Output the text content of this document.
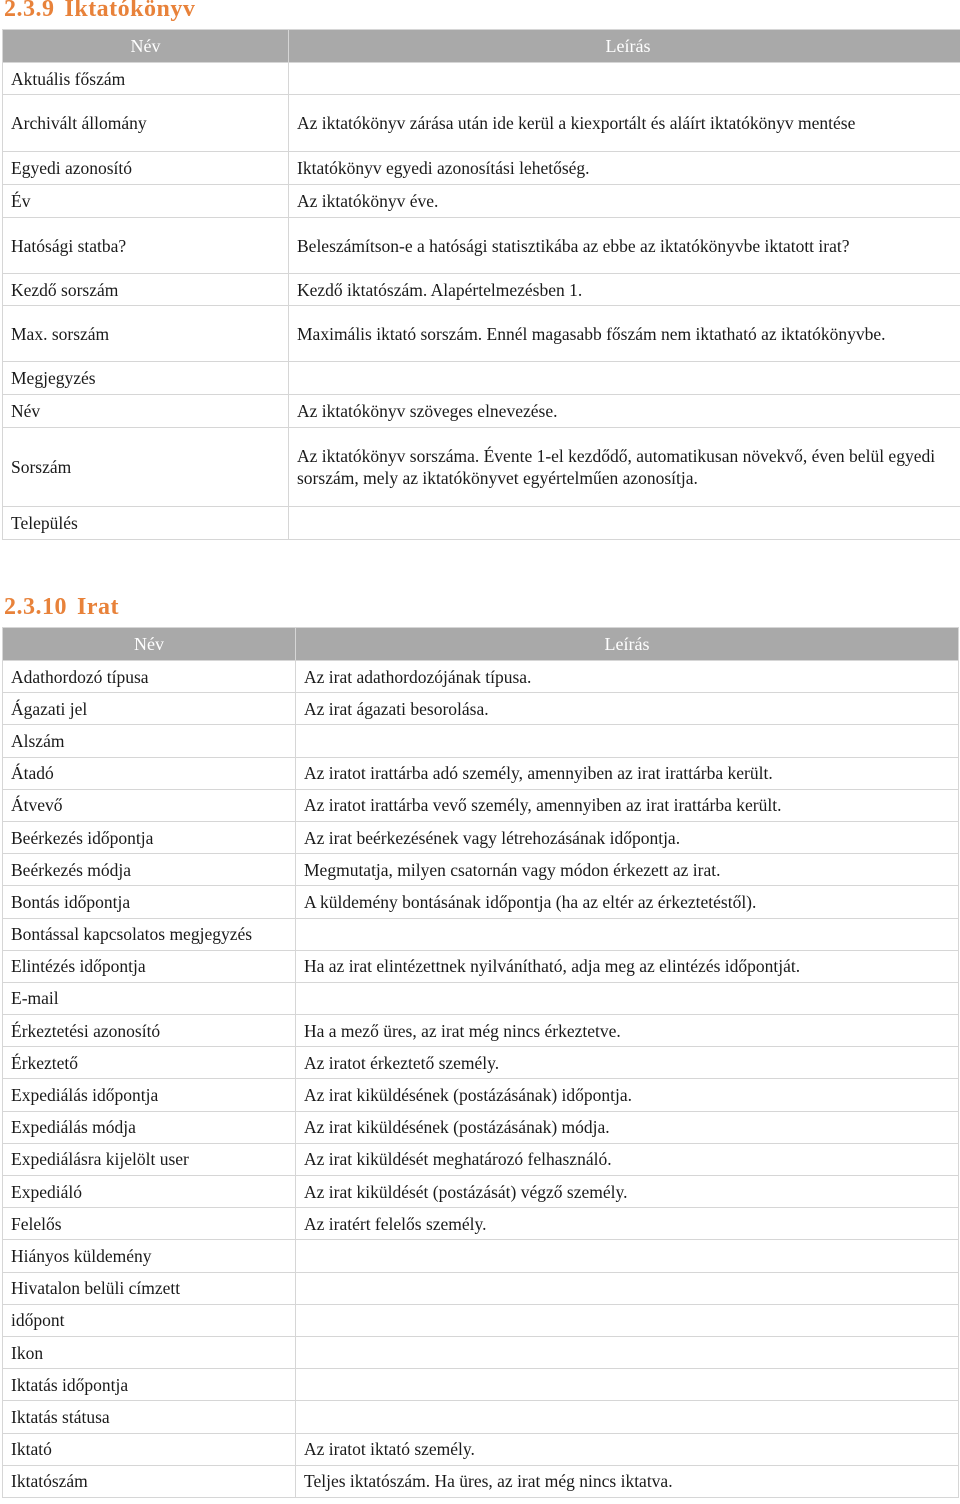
2.3.9 Iktatókönyv
Név	Leírás
Aktuális főszám	
Archivált állomány	Az iktatókönyv zárása után ide kerül a kiexportált és aláírt iktatókönyv mentése
Egyedi azonosító	Iktatókönyv egyedi azonosítási lehetőség.
Év	Az iktatókönyv éve.
Hatósági statba?	Beleszámítson-e a hatósági statisztikába az ebbe az iktatókönyvbe iktatott irat?
Kezdő sorszám	Kezdő iktatószám. Alapértelmezésben 1.
Max. sorszám	Maximális iktató sorszám. Ennél magasabb főszám nem iktatható az iktatókönyvbe.
Megjegyzés	
Név	Az iktatókönyv szöveges elnevezése.
Sorszám	Az iktatókönyv sorszáma. Évente 1-el kezdődő, automatikusan növekvő, éven belül egyedi sorszám, mely az iktatókönyvet egyértelműen azonosítja.
Település	
2.3.10 Irat
Név	Leírás
Adathordozó típusa	Az irat adathordozójának típusa.
Ágazati jel	Az irat ágazati besorolása.
Alszám	
Átadó	Az iratot irattárba adó személy, amennyiben az irat irattárba került.
Átvevő	Az iratot irattárba vevő személy, amennyiben az irat irattárba került.
Beérkezés időpontja	Az irat beérkezésének vagy létrehozásának időpontja.
Beérkezés módja	Megmutatja, milyen csatornán vagy módon érkezett az irat.
Bontás időpontja	A küldemény bontásának időpontja (ha az eltér az érkeztetéstől).
Bontással kapcsolatos megjegyzés	
Elintézés időpontja	Ha az irat elintézettnek nyilvánítható, adja meg az elintézés időpontját.
E-mail	
Érkeztetési azonosító	Ha a mező üres, az irat még nincs érkeztetve.
Érkeztető	Az iratot érkeztető személy.
Expediálás időpontja	Az irat kiküldésének (postázásának) időpontja.
Expediálás módja	Az irat kiküldésének (postázásának) módja.
Expediálásra kijelölt user	Az irat kiküldését meghatározó felhasználó.
Expediáló	Az irat kiküldését (postázását) végző személy.
Felelős	Az iratért felelős személy.
Hiányos küldemény	
Hivatalon belüli címzett	
időpont	
Ikon	
Iktatás időpontja	
Iktatás státusa	
Iktató	Az iratot iktató személy.
Iktatószám	Teljes iktatószám. Ha üres, az irat még nincs iktatva.
